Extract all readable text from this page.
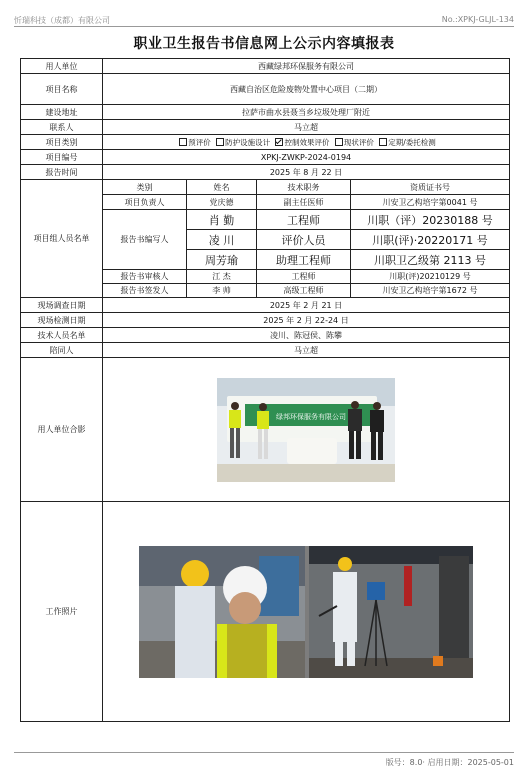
忻瑞科技（成都）有限公司	No.:XPKJ-GLJL-134
职业卫生报告书信息网上公示内容填报表
用人单位	西藏绿邦环保服务有限公司			
项目名称	西藏自治区危险废物处置中心项目（二期）			
建设地址	拉萨市曲水县聂当乡垃圾处理厂附近			
联系人	马立超			
项目类别	预评价 防护设施设计 控制效果评价 现状评价 定期/委托检测			
项目编号	XPKJ-ZWKP-2024-0194			
报告时间	2025 年 8 月 22 日			
项目组人员名单	类别	姓名	技术职务	资质证书号
	项目负责人	党庆德	副主任医师	川安卫乙构培字第0041 号
	报告书编写人	肖 勤	工程师	川职（评）20230188 号
		凌 川	评价人员	川职(评)·20220171 号
		周芳瑜	助理工程师	川职卫乙级第 2113 号
	报告书审核人	江 杰	工程师	川职(评)20210129 号
	报告书签发人	李 帅	高级工程师	川安卫乙构培字第1672 号

现场调查日期	2025 年 2 月 21 日			
现场检测日期	2025 年 2 月 22-24 日			
技术人员名单	凌川、陈冠侯、陈攀			
陪同人	马立超			
用人单位合影	绿邦环保服务有限公司			

工作照片	
版号：8.0· 启用日期：2025-05-01
